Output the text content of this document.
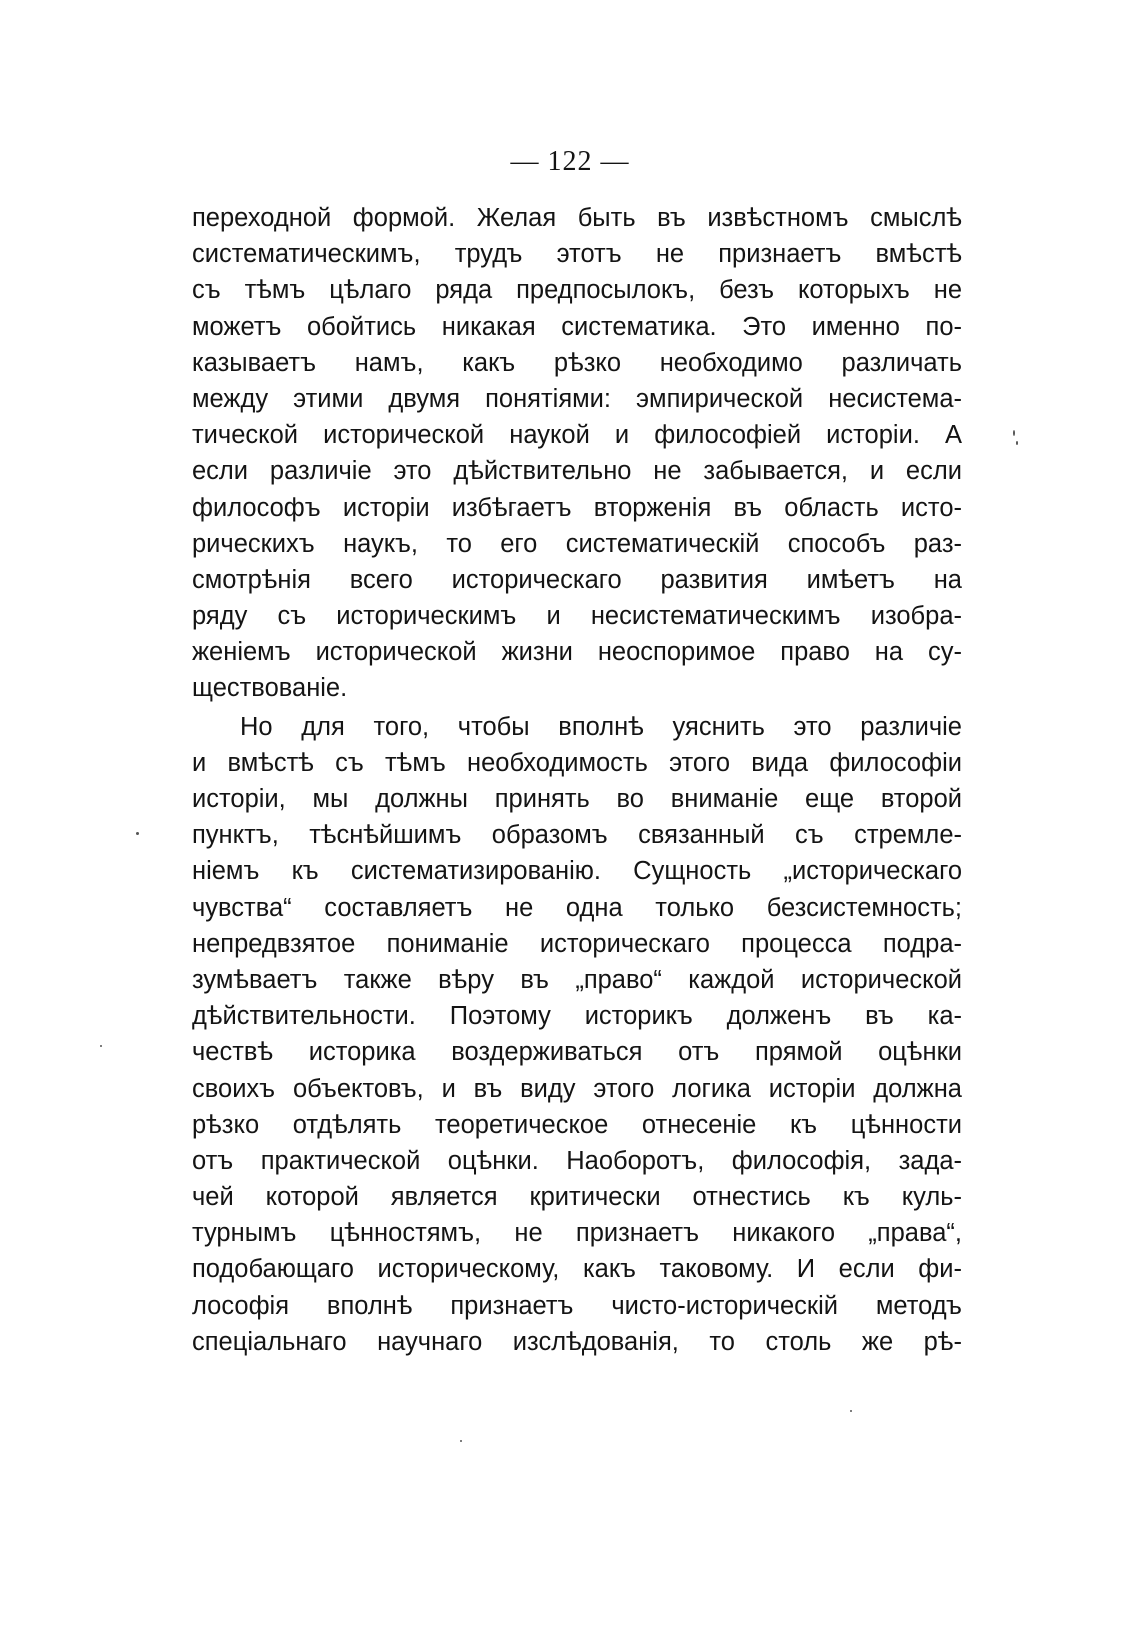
— 122 —
переходной формой. Желая быть въ извѣстномъ смыслѣ
систематическимъ, трудъ этотъ не признаетъ вмѣстѣ
съ тѣмъ цѣлаго ряда предпосылокъ, безъ которыхъ не
можетъ обойтись никакая систематика. Это именно по-
казываетъ намъ, какъ рѣзко необходимо различать
между этими двумя понятіями: эмпирической несистема-
тической исторической наукой и философіей исторіи. А
если различіе это дѣйствительно не забывается, и если
философъ исторіи избѣгаетъ вторженія въ область исто-
рическихъ наукъ, то его систематическій способъ раз-
смотрѣнія всего историческаго развития имѣетъ на
ряду съ историческимъ и несистематическимъ изобра-
женіемъ исторической жизни неоспоримое право на су-
ществованіе.
Но для того, чтобы вполнѣ уяснить это различіе
и вмѣстѣ съ тѣмъ необходимость этого вида философіи
исторіи, мы должны принять во вниманіе еще второй
пунктъ, тѣснѣйшимъ образомъ связанный съ стремле-
ніемъ къ систематизированію. Сущность „историческаго
чувства“ составляетъ не одна только безсистемность;
непредвзятое пониманіе историческаго процесса подра-
зумѣваетъ также вѣру въ „право“ каждой исторической
дѣйствительности. Поэтому историкъ долженъ въ ка-
чествѣ историка воздерживаться отъ прямой оцѣнки
своихъ объектовъ, и въ виду этого логика исторіи должна
рѣзко отдѣлять теоретическое отнесеніе къ цѣнности
отъ практической оцѣнки. Наоборотъ, философія, зада-
чей которой является критически отнестись къ куль-
турнымъ цѣнностямъ, не признаетъ никакого „права“,
подобающаго историческому, какъ таковому. И если фи-
лософія вполнѣ признаетъ чисто-историческій методъ
спеціальнаго научнаго изслѣдованія, то столь же рѣ-
